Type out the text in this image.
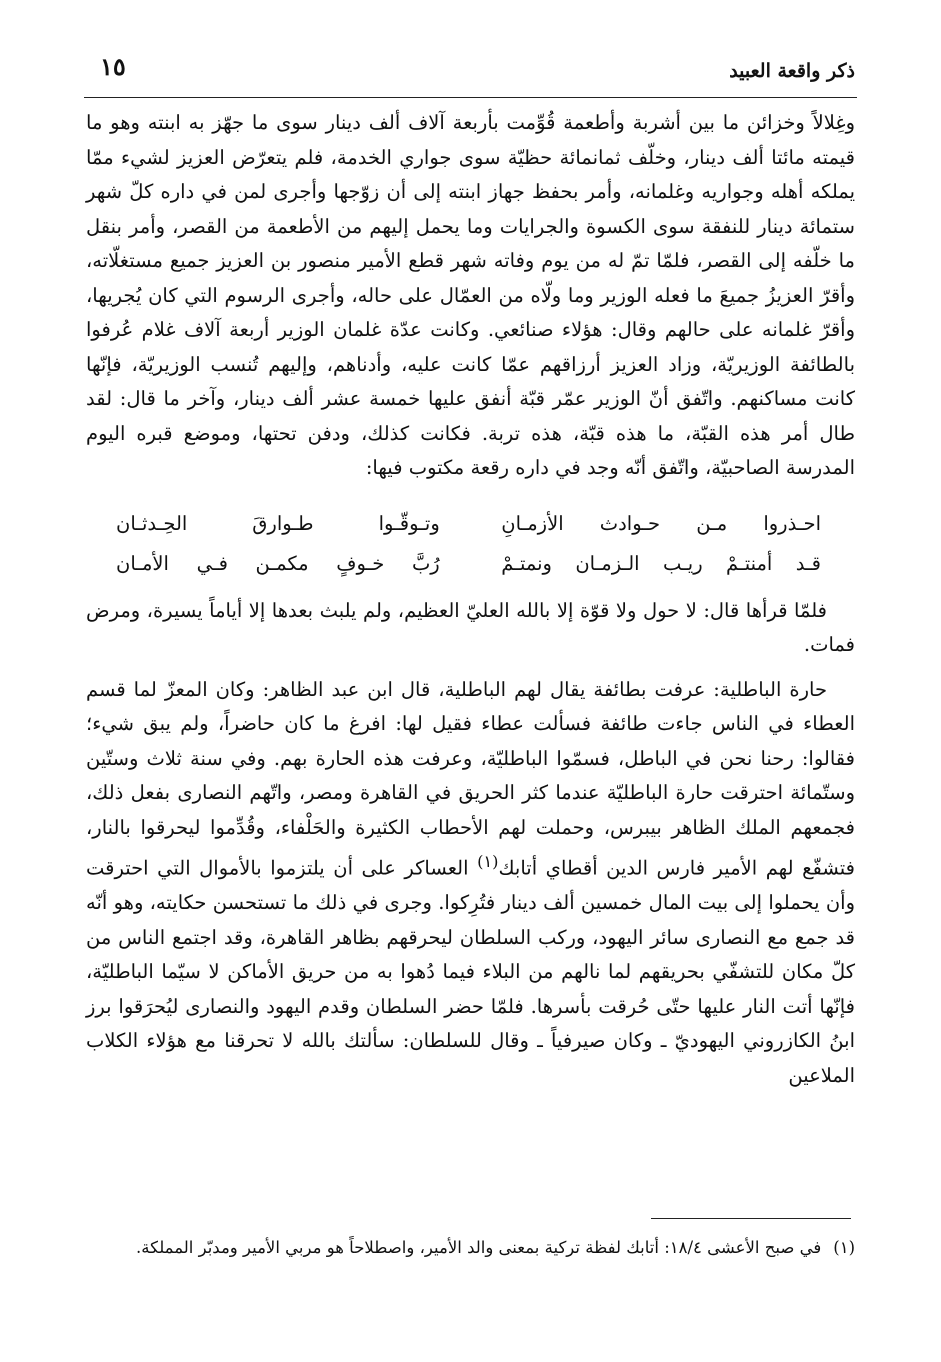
ذكر واقعة العبيد
١٥

وغِلالاً وخزائن ما بين أشربة وأطعمة قُوِّمت بأربعة آلاف ألف دينار سوى ما جهّز به ابنته وهو ما قيمته مائتا ألف دينار، وخلّف ثمانمائة حظيّة سوى جواري الخدمة، فلم يتعرّض العزيز لشيء ممّا يملكه أهله وجواريه وغلمانه، وأمر بحفظ جهاز ابنته إلى أن زوّجها وأجرى لمن في داره كلّ شهر ستمائة دينار للنفقة سوى الكسوة والجرايات وما يحمل إليهم من الأطعمة من القصر، وأمر بنقل ما خلّفه إلى القصر، فلمّا تمّ له من يوم وفاته شهر قطع الأمير منصور بن العزيز جميع مستغلّاته، وأقرّ العزيزُ جميعَ ما فعله الوزير وما ولّاه من العمّال على حاله، وأجرى الرسوم التي كان يُجريها، وأقرّ غلمانه على حالهم وقال: هؤلاء صنائعي. وكانت عدّة غلمان الوزير أربعة آلاف غلام عُرفوا بالطائفة الوزيريّة، وزاد العزيز أرزاقهم عمّا كانت عليه، وأدناهم، وإليهم تُنسب الوزيريّة، فإنّها كانت مساكنهم. واتّفق أنّ الوزير عمّر قبّة أنفق عليها خمسة عشر ألف دينار، وآخر ما قال: لقد طال أمر هذه القبّة، ما هذه قبّة، هذه تربة. فكانت كذلك، ودفن تحتها، وموضع قبره اليوم المدرسة الصاحبيّة، واتّفق أنّه وجد في داره رقعة مكتوب فيها:

احـذروا مـن حـوادث الأزمـانِ
وتـوقّـوا طـوارقَ الحِـدثـان
قـد أمنتـمْ ريـب الـزمـان ونمتـمْ
رُبَّ خـوفٍ مكمـن فـي الأمـان

فلمّا قرأها قال: لا حول ولا قوّة إلا بالله العليّ العظيم، ولم يلبث بعدها إلا أياماً يسيرة، ومرض فمات.

حارة الباطلية: عرفت بطائفة يقال لهم الباطلية، قال ابن عبد الظاهر: وكان المعزّ لما قسم العطاء في الناس جاءت طائفة فسألت عطاء فقيل لها: افرغ ما كان حاضراً، ولم يبق شيء؛ فقالوا: رحنا نحن في الباطل، فسمّوا الباطليّة، وعرفت هذه الحارة بهم. وفي سنة ثلاث وستّين وستّمائة احترقت حارة الباطليّة عندما كثر الحريق في القاهرة ومصر، واتّهم النصارى بفعل ذلك، فجمعهم الملك الظاهر بيبرس، وحملت لهم الأحطاب الكثيرة والحَلْفاء، وقُدِّموا ليحرقوا بالنار، فتشفّع لهم الأمير فارس الدين أقطاي أتابك$^{(١)}$ العساكر على أن يلتزموا بالأموال التي احترقت وأن يحملوا إلى بيت المال خمسين ألف دينار فتُرِكوا. وجرى في ذلك ما تستحسن حكايته، وهو أنّه قد جمع مع النصارى سائر اليهود، وركب السلطان ليحرقهم بظاهر القاهرة، وقد اجتمع الناس من كلّ مكان للتشفّي بحريقهم لما نالهم من البلاء فيما دُهوا به من حريق الأماكن لا سيّما الباطليّة، فإنّها أتت النار عليها حتّى حُرقت بأسرها. فلمّا حضر السلطان وقدم اليهود والنصارى ليُحرَقوا برز ابنُ الكازروني اليهوديّ ـ وكان صيرفياً ـ وقال للسلطان: سألتك بالله لا تحرقنا مع هؤلاء الكلاب الملاعين

(١)في صبح الأعشى ١٨/٤: أتابك لفظة تركية بمعنى والد الأمير، واصطلاحاً هو مربي الأمير ومدبّر المملكة.
